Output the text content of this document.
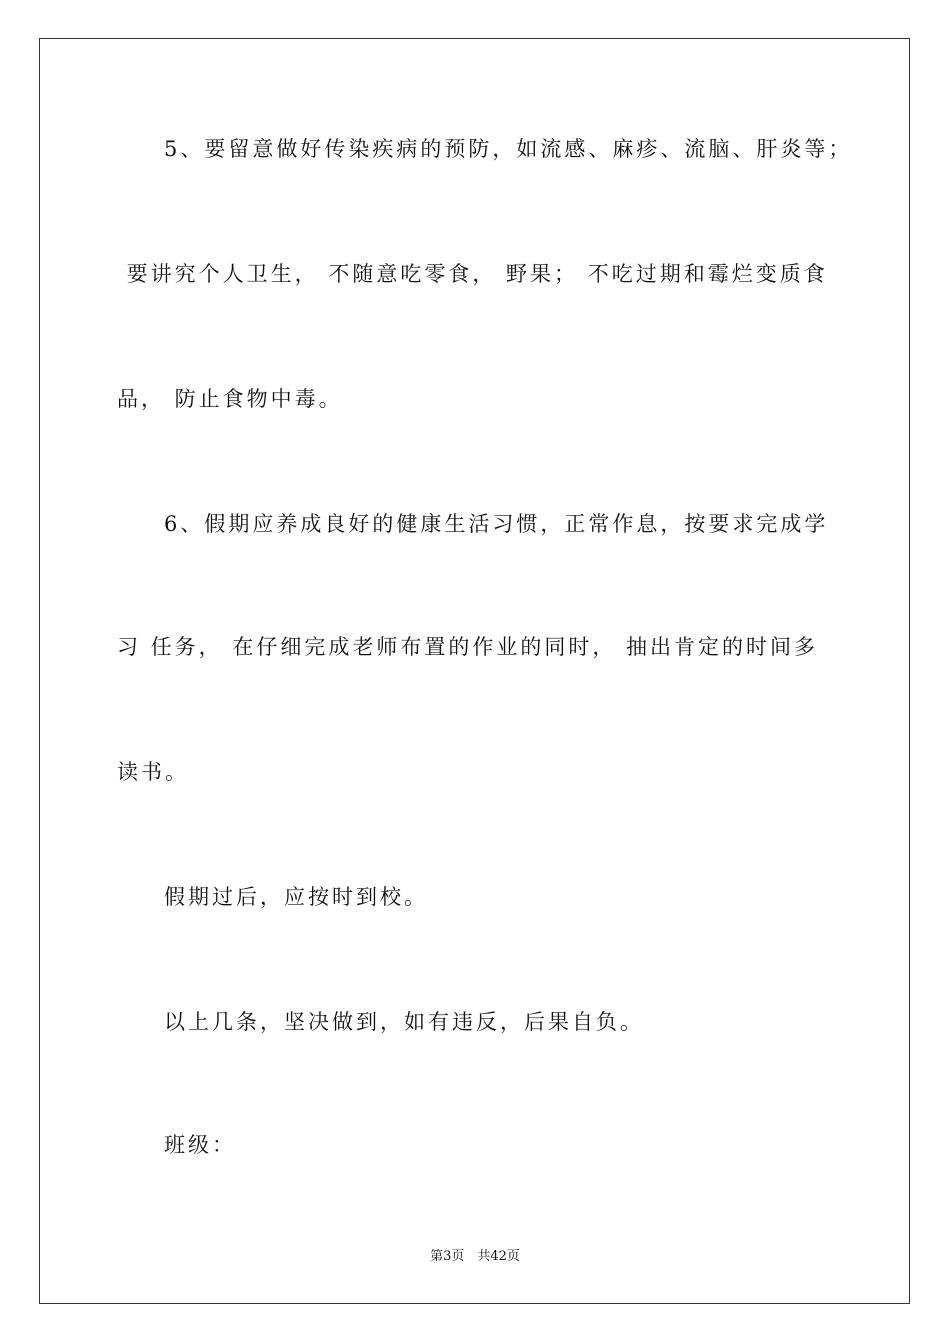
5、要留意做好传染疾病的预防，如流感、麻疹、流脑、肝炎等；
要讲究个人卫生， 不随意吃零食， 野果； 不吃过期和霉烂变质食
品， 防止食物中毒。
6、假期应养成良好的健康生活习惯，正常作息，按要求完成学
习 任务， 在仔细完成老师布置的作业的同时， 抽出肯定的时间多
读书。
假期过后，应按时到校。
以上几条，坚决做到，如有违反，后果自负。
班级：
第3页　共42页
